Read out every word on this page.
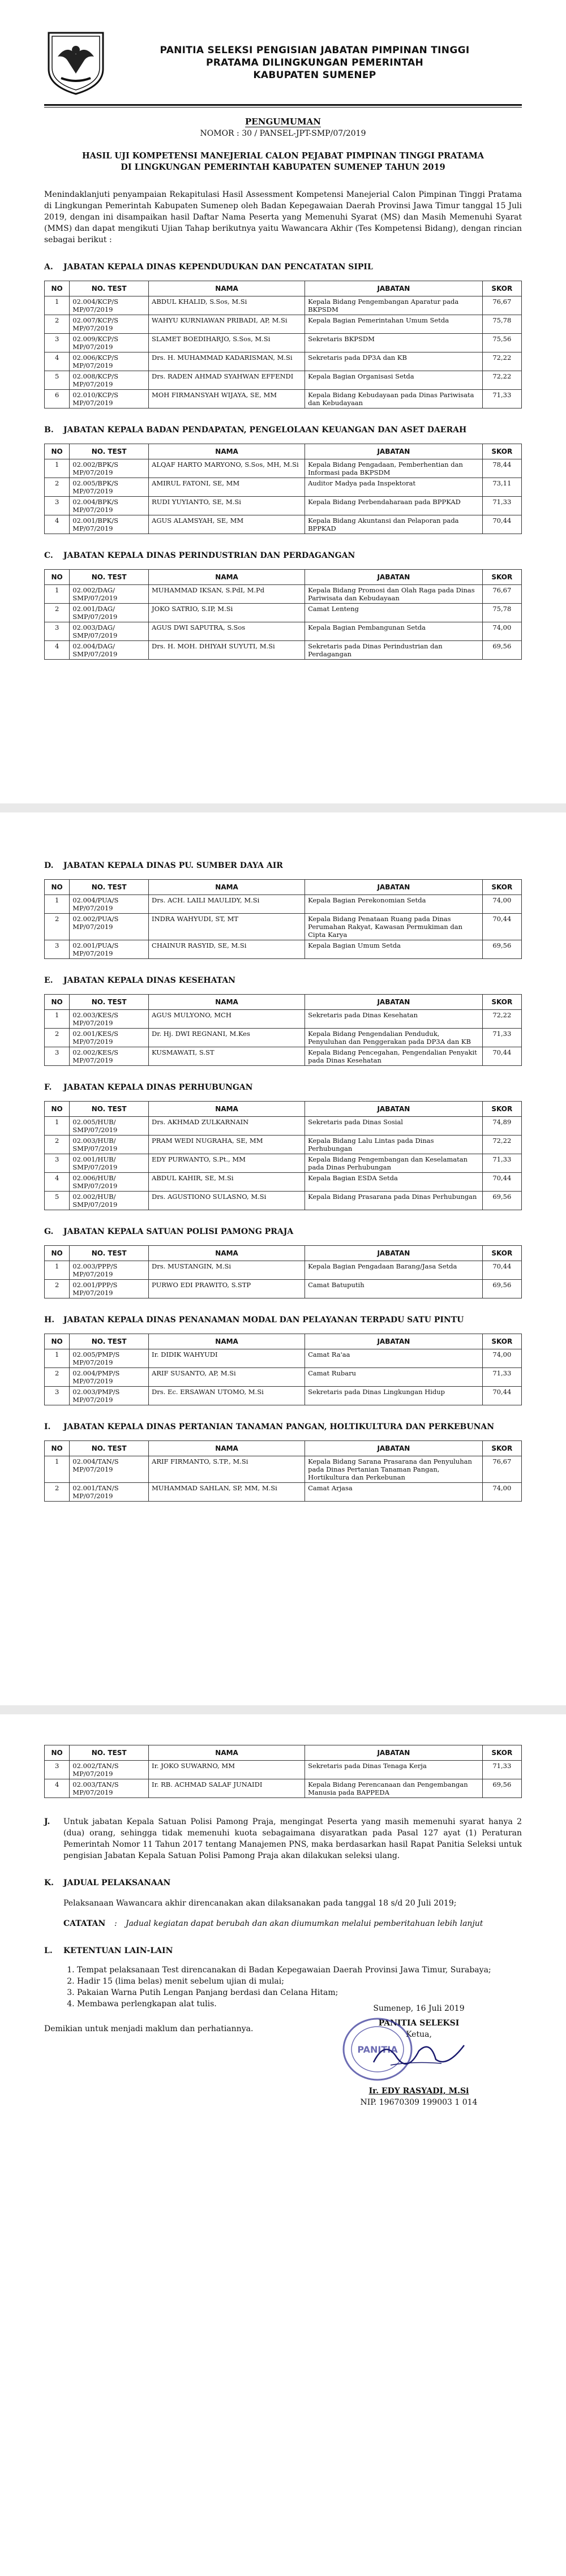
PANITIA SELEKSI PENGISIAN JABATAN PIMPINAN TINGGI
PRATAMA DILINGKUNGAN PEMERINTAH
KABUPATEN SUMENEP
PENGUMUMAN
NOMOR : 30 / PANSEL-JPT-SMP/07/2019
HASIL UJI KOMPETENSI MANEJERIAL CALON PEJABAT PIMPINAN TINGGI PRATAMA
DI LINGKUNGAN PEMERINTAH KABUPATEN SUMENEP TAHUN 2019
Menindaklanjuti penyampaian Rekapitulasi Hasil Assessment Kompetensi Manejerial Calon Pimpinan Tinggi Pratama di Lingkungan Pemerintah Kabupaten Sumenep oleh Badan Kepegawaian Daerah Provinsi Jawa Timur tanggal 15 Juli 2019, dengan ini disampaikan hasil Daftar Nama Peserta yang Memenuhi Syarat (MS) dan Masih Memenuhi Syarat (MMS) dan dapat mengikuti Ujian Tahap berikutnya yaitu Wawancara Akhir (Tes Kompetensi Bidang), dengan rincian sebagai berikut :
A.	JABATAN KEPALA DINAS KEPENDUDUKAN DAN PENCATATAN SIPIL
NO	NO. TEST	NAMA	JABATAN	SKOR
1	02.004/KCP/S MP/07/2019	ABDUL KHALID, S.Sos, M.Si	Kepala Bidang Pengembangan Aparatur pada BKPSDM	76,67
2	02.007/KCP/S MP/07/2019	WAHYU KURNIAWAN PRIBADI, AP, M.Si	Kepala Bagian Pemerintahan Umum Setda	75,78
3	02.009/KCP/S MP/07/2019	SLAMET BOEDIHARJO, S.Sos, M.Si	Sekretaris BKPSDM	75,56
4	02.006/KCP/S MP/07/2019	Drs. H. MUHAMMAD KADARISMAN, M.Si	Sekretaris pada DP3A dan KB	72,22
5	02.008/KCP/S MP/07/2019	Drs. RADEN AHMAD SYAHWAN EFFENDI	Kepala Bagian Organisasi Setda	72,22
6	02.010/KCP/S MP/07/2019	MOH FIRMANSYAH WIJAYA, SE, MM	Kepala Bidang Kebudayaan pada Dinas Pariwisata dan Kebudayaan	71,33
B.	JABATAN KEPALA BADAN PENDAPATAN, PENGELOLAAN KEUANGAN DAN ASET DAERAH
NO	NO. TEST	NAMA	JABATAN	SKOR
1	02.002/BPK/S MP/07/2019	ALQAF HARTO MARYONO, S.Sos, MH, M.Si	Kepala Bidang Pengadaan, Pemberhentian dan Informasi pada BKPSDM	78,44
2	02.005/BPK/S MP/07/2019	AMIRUL FATONI, SE, MM	Auditor Madya pada Inspektorat	73,11
3	02.004/BPK/S MP/07/2019	RUDI YUYIANTO, SE, M.Si	Kepala Bidang Perbendaharaan pada BPPKAD	71,33
4	02.001/BPK/S MP/07/2019	AGUS ALAMSYAH, SE, MM	Kepala Bidang Akuntansi dan Pelaporan pada BPPKAD	70,44
C.	JABATAN KEPALA DINAS PERINDUSTRIAN DAN PERDAGANGAN
NO	NO. TEST	NAMA	JABATAN	SKOR
1	02.002/DAG/ SMP/07/2019	MUHAMMAD IKSAN, S.PdI, M.Pd	Kepala Bidang Promosi dan Olah Raga pada Dinas Pariwisata dan Kebudayaan	76,67
2	02.001/DAG/ SMP/07/2019	JOKO SATRIO, S.IP, M.Si	Camat Lenteng	75,78
3	02.003/DAG/ SMP/07/2019	AGUS DWI SAPUTRA, S.Sos	Kepala Bagian Pembangunan Setda	74,00
4	02.004/DAG/ SMP/07/2019	Drs. H. MOH. DHIYAH SUYUTI, M.Si	Sekretaris pada Dinas Perindustrian dan Perdagangan	69,56
D.	JABATAN KEPALA DINAS PU. SUMBER DAYA AIR
NO	NO. TEST	NAMA	JABATAN	SKOR
1	02.004/PUA/S MP/07/2019	Drs. ACH. LAILI MAULIDY, M.Si	Kepala Bagian Perekonomian Setda	74,00
2	02.002/PUA/S MP/07/2019	INDRA WAHYUDI, ST, MT	Kepala Bidang Penataan Ruang pada Dinas Perumahan Rakyat, Kawasan Permukiman dan Cipta Karya	70,44
3	02.001/PUA/S MP/07/2019	CHAINUR RASYID, SE, M.Si	Kepala Bagian Umum Setda	69,56
E.	JABATAN KEPALA DINAS KESEHATAN
NO	NO. TEST	NAMA	JABATAN	SKOR
1	02.003/KES/S MP/07/2019	AGUS MULYONO, MCH	Sekretaris pada Dinas Kesehatan	72,22
2	02.001/KES/S MP/07/2019	Dr. Hj. DWI REGNANI, M.Kes	Kepala Bidang Pengendalian Penduduk, Penyuluhan dan Penggerakan pada DP3A dan KB	71,33
3	02.002/KES/S MP/07/2019	KUSMAWATI, S.ST	Kepala Bidang Pencegahan, Pengendalian Penyakit pada Dinas Kesehatan	70,44
F.	JABATAN KEPALA DINAS PERHUBUNGAN
NO	NO. TEST	NAMA	JABATAN	SKOR
1	02.005/HUB/ SMP/07/2019	Drs. AKHMAD ZULKARNAIN	Sekretaris pada Dinas Sosial	74,89
2	02.003/HUB/ SMP/07/2019	PRAM WEDI NUGRAHA, SE, MM	Kepala Bidang Lalu Lintas pada Dinas Perhubungan	72,22
3	02.001/HUB/ SMP/07/2019	EDY PURWANTO, S.Pt., MM	Kepala Bidang Pengembangan dan Keselamatan pada Dinas Perhubungan	71,33
4	02.006/HUB/ SMP/07/2019	ABDUL KAHIR, SE, M.Si	Kepala Bagian ESDA Setda	70,44
5	02.002/HUB/ SMP/07/2019	Drs. AGUSTIONO SULASNO, M.Si	Kepala Bidang Prasarana pada Dinas Perhubungan	69,56
G.	JABATAN KEPALA SATUAN POLISI PAMONG PRAJA
NO	NO. TEST	NAMA	JABATAN	SKOR
1	02.003/PPP/S MP/07/2019	Drs. MUSTANGIN, M.Si	Kepala Bagian Pengadaan Barang/Jasa Setda	70,44
2	02.001/PPP/S MP/07/2019	PURWO EDI PRAWITO, S.STP	Camat Batuputih	69,56
H.	JABATAN KEPALA DINAS PENANAMAN MODAL DAN PELAYANAN TERPADU SATU PINTU
NO	NO. TEST	NAMA	JABATAN	SKOR
1	02.005/PMP/S MP/07/2019	Ir. DIDIK WAHYUDI	Camat Ra'aa	74,00
2	02.004/PMP/S MP/07/2019	ARIF SUSANTO, AP, M.Si	Camat Rubaru	71,33
3	02.003/PMP/S MP/07/2019	Drs. Ec. ERSAWAN UTOMO, M.Si	Sekretaris pada Dinas Lingkungan Hidup	70,44
I.	JABATAN KEPALA DINAS PERTANIAN TANAMAN PANGAN, HOLTIKULTURA DAN PERKEBUNAN
NO	NO. TEST	NAMA	JABATAN	SKOR
1	02.004/TAN/S MP/07/2019	ARIF FIRMANTO, S.TP., M.Si	Kepala Bidang Sarana Prasarana dan Penyuluhan pada Dinas Pertanian Tanaman Pangan, Hortikultura dan Perkebunan	76,67
2	02.001/TAN/S MP/07/2019	MUHAMMAD SAHLAN, SP, MM, M.Si	Camat Arjasa	74,00
NO	NO. TEST	NAMA	JABATAN	SKOR
3	02.002/TAN/S MP/07/2019	Ir. JOKO SUWARNO, MM	Sekretaris pada Dinas Tenaga Kerja	71,33
4	02.003/TAN/S MP/07/2019	Ir. RB. ACHMAD SALAF JUNAIDI	Kepala Bidang Perencanaan dan Pengembangan Manusia pada BAPPEDA	69,56
J.	Untuk jabatan Kepala Satuan Polisi Pamong Praja, mengingat Peserta yang masih memenuhi syarat hanya 2 (dua) orang, sehingga tidak memenuhi kuota sebagaimana disyaratkan pada Pasal 127 ayat (1) Peraturan Pemerintah Nomor 11 Tahun 2017 tentang Manajemen PNS, maka berdasarkan hasil Rapat Panitia Seleksi untuk pengisian Jabatan Kepala Satuan Polisi Pamong Praja akan dilakukan seleksi ulang.
K.	JADUAL PELAKSANAAN
Pelaksanaan Wawancara akhir direncanakan akan dilaksanakan pada tanggal 18 s/d 20 Juli 2019;
CATATAN	:	Jadual kegiatan dapat berubah dan akan diumumkan melalui pemberitahuan lebih lanjut
L.	KETENTUAN LAIN-LAIN
1. Tempat pelaksanaan Test direncanakan di Badan Kepegawaian Daerah Provinsi Jawa Timur, Surabaya;
2. Hadir 15 (lima belas) menit sebelum ujian di mulai;
3. Pakaian Warna Putih Lengan Panjang berdasi dan Celana Hitam;
4. Membawa perlengkapan alat tulis.
Demikian untuk menjadi maklum dan perhatiannya.
Sumenep, 16 Juli 2019
PANITIA SELEKSI
Ketua,
Ir. EDY RASYADI, M.Si
NIP. 19670309 199003 1 014
PANITIA
